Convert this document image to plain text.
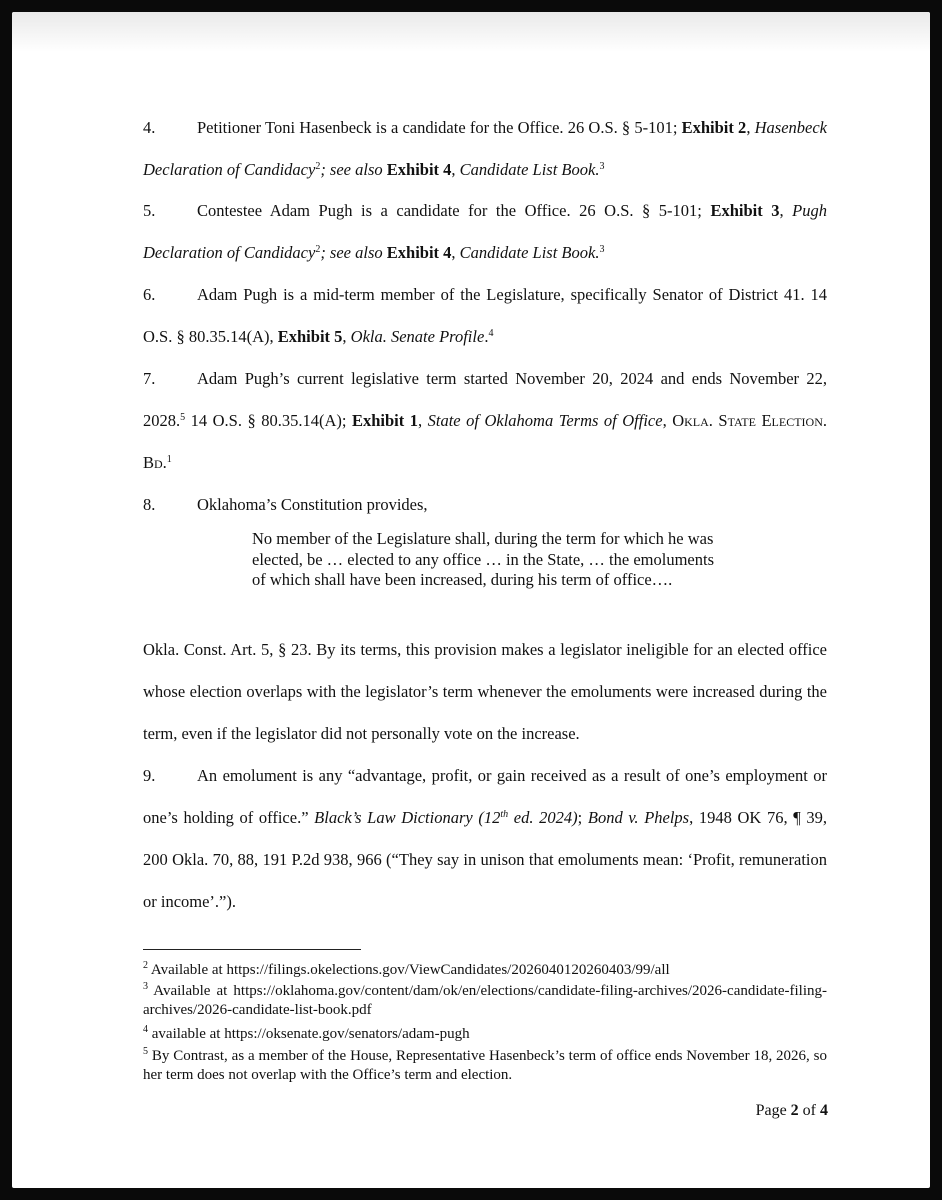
4.	Petitioner Toni Hasenbeck is a candidate for the Office. 26 O.S. § 5-101; Exhibit 2, Hasenbeck Declaration of Candidacy$^2$; see also Exhibit 4, Candidate List Book.$^3$
5.	Contestee Adam Pugh is a candidate for the Office. 26 O.S. § 5-101; Exhibit 3, Pugh Declaration of Candidacy$^2$; see also Exhibit 4, Candidate List Book.$^3$
6.	Adam Pugh is a mid-term member of the Legislature, specifically Senator of District 41. 14 O.S. § 80.35.14(A), Exhibit 5, Okla. Senate Profile.$^4$
7.	Adam Pugh’s current legislative term started November 20, 2024 and ends November 22, 2028.$^5$ 14 O.S. § 80.35.14(A); Exhibit 1, State of Oklahoma Terms of Office, Okla. State Election. Bd.$^1$
8.	Oklahoma’s Constitution provides,
No member of the Legislature shall, during the term for which he was elected, be … elected to any office … in the State, … the emoluments of which shall have been increased, during his term of office….
Okla. Const. Art. 5, § 23. By its terms, this provision makes a legislator ineligible for an elected office whose election overlaps with the legislator’s term whenever the emoluments were increased during the term, even if the legislator did not personally vote on the increase.
9.	An emolument is any “advantage, profit, or gain received as a result of one’s employment or one’s holding of office.” Black’s Law Dictionary (12th ed. 2024); Bond v. Phelps, 1948 OK 76, ¶ 39, 200 Okla. 70, 88, 191 P.2d 938, 966 (“They say in unison that emoluments mean: ‘Profit, remuneration or income’.”).
$^2$ Available at https://filings.okelections.gov/ViewCandidates/2026040120260403/99/all
$^3$ Available at https://oklahoma.gov/content/dam/ok/en/elections/candidate-filing-archives/2026-candidate-filing-archives/2026-candidate-list-book.pdf
$^4$ available at https://oksenate.gov/senators/adam-pugh
$^5$ By Contrast, as a member of the House, Representative Hasenbeck’s term of office ends November 18, 2026, so her term does not overlap with the Office’s term and election.
Page 2 of 4
